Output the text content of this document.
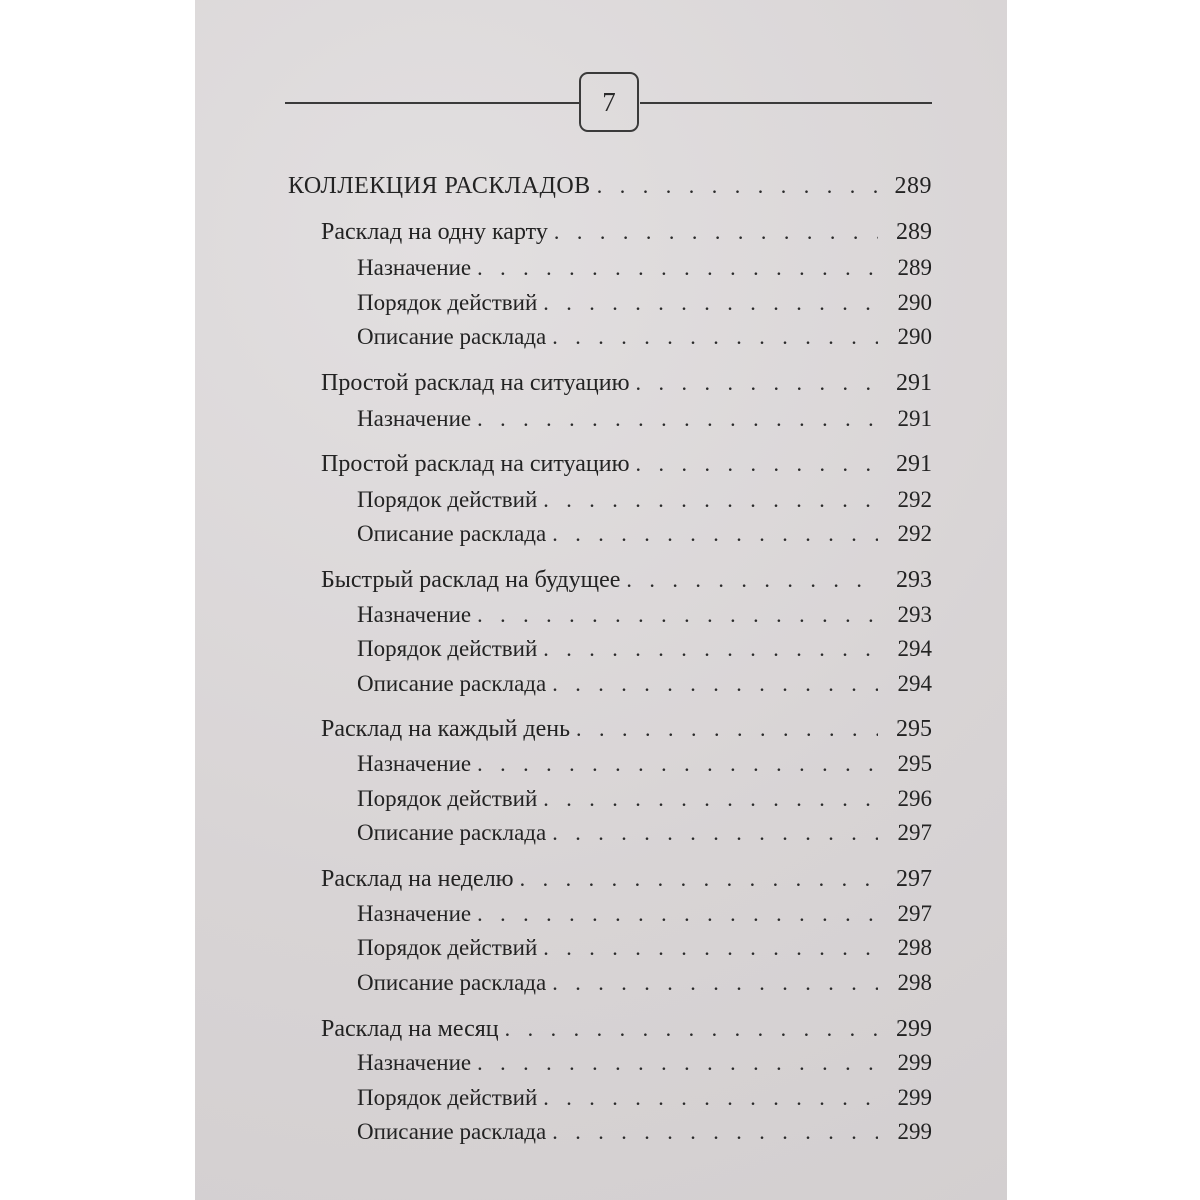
7
КОЛЛЕКЦИЯ РАСКЛАДОВ . . .	289
Расклад на одну карту . . .	289
Назначение . . .	289
Порядок действий . . .	290
Описание расклада . . .	290
Простой расклад на ситуацию . . .	291
Назначение . . .	291
Простой расклад на ситуацию . . .	291
Порядок действий . . .	292
Описание расклада . . .	292
Быстрый расклад на будущее . . .	293
Назначение . . .	293
Порядок действий . . .	294
Описание расклада . . .	294
Расклад на каждый день . . .	295
Назначение . . .	295
Порядок действий . . .	296
Описание расклада . . .	297
Расклад на неделю . . .	297
Назначение . . .	297
Порядок действий . . .	298
Описание расклада . . .	298
Расклад на месяц . . .	299
Назначение . . .	299
Порядок действий . . .	299
Описание расклада . . .	299
